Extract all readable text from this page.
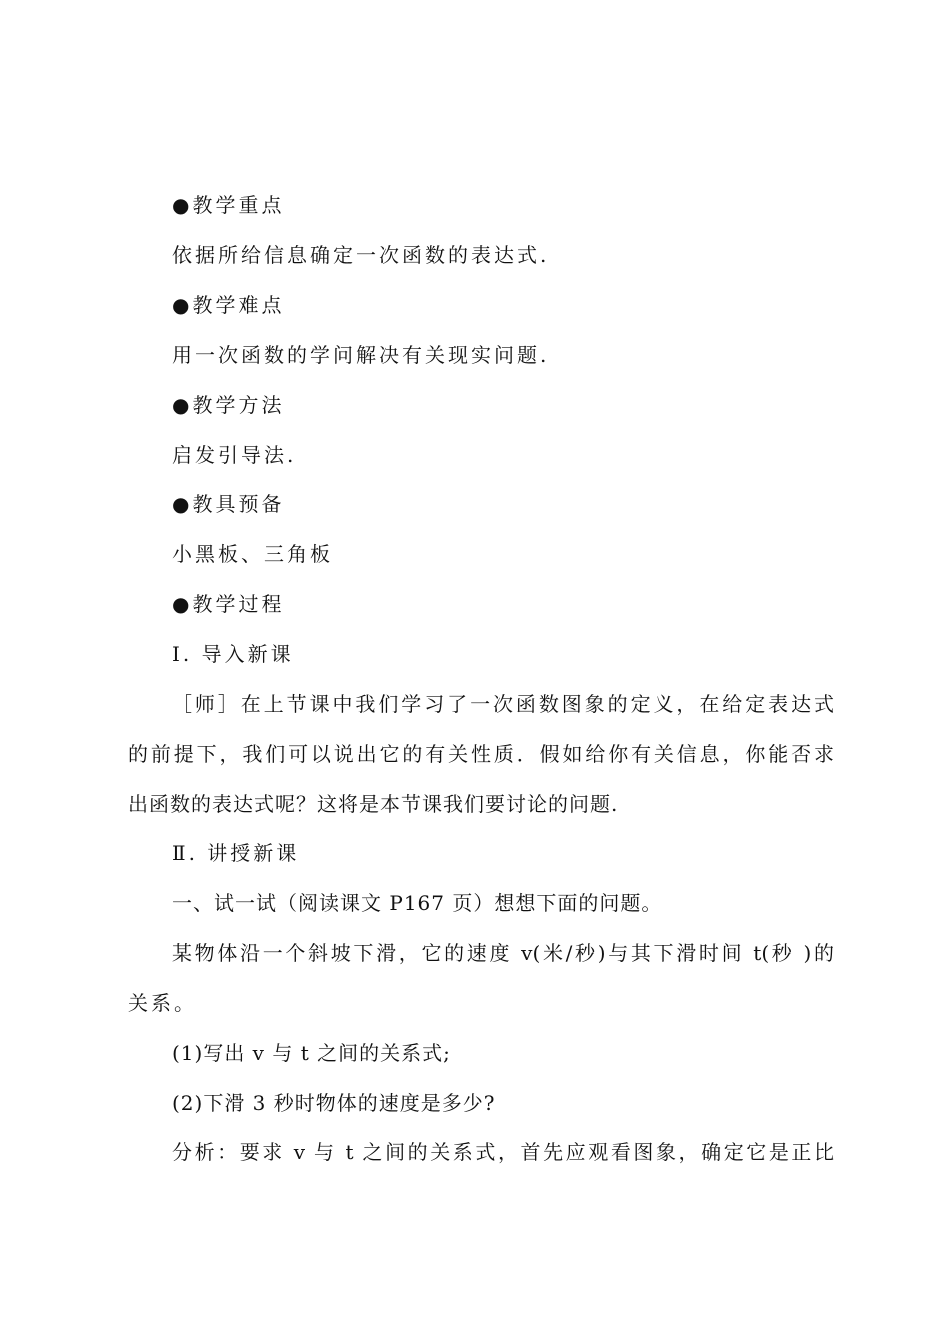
●教学重点
依据所给信息确定一次函数的表达式.
●教学难点
用一次函数的学问解决有关现实问题.
●教学方法
启发引导法.
●教具预备
小黑板、三角板
●教学过程
Ⅰ. 导入新课
［师］在上节课中我们学习了一次函数图象的定义，在给定表达式
的前提下，我们可以说出它的有关性质．假如给你有关信息，你能否求
出函数的表达式呢？这将是本节课我们要讨论的问题.
Ⅱ. 讲授新课
一、试一试（阅读课文 P167 页）想想下面的问题。
某物体沿一个斜坡下滑，它的速度 v(米/秒)与其下滑时间 t(秒 )的
关系。
(1)写出 v 与 t 之间的关系式;
(2)下滑 3 秒时物体的速度是多少?
分析：要求 v 与 t 之间的关系式，首先应观看图象，确定它是正比
